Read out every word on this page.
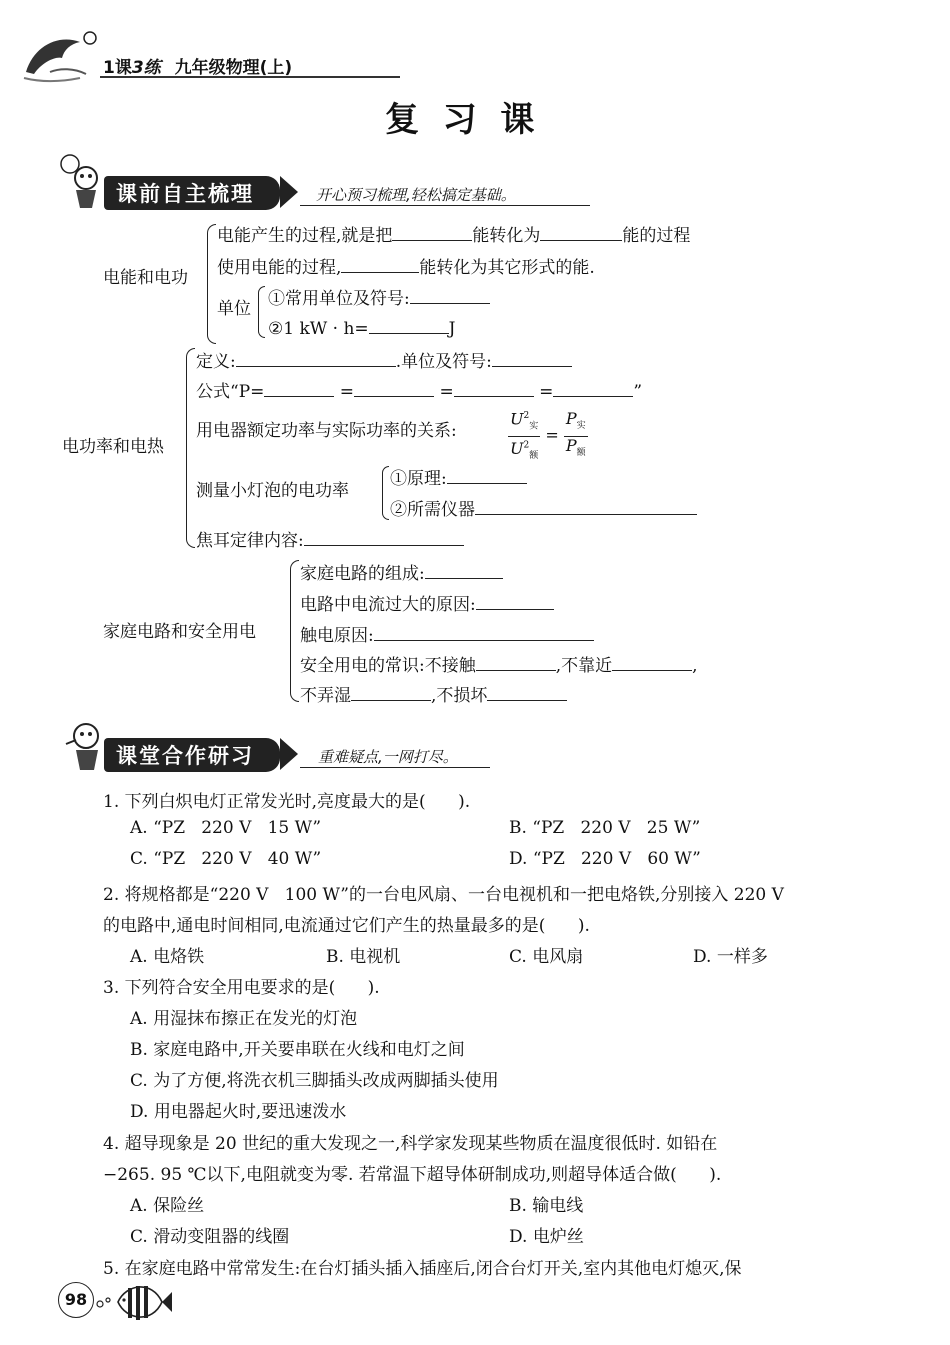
1课3练 九年级物理(上)
复  习  课
课前自主梳理	开心预习梳理,轻松搞定基础。
电能和电功
电能产生的过程,就是把	能转化为	能的过程
使用电能的过程,	能转化为其它形式的能.
单位 ①常用单位及符号:
②1 kW · h=	J
电功率和电热
定义:	.单位及符号:
公式“P=	=	=	=	”
用电器额定功率与实际功率的关系:	$\frac{U^2_实}{U^2_额} = \frac{P_实}{P_额}$
测量小灯泡的电功率
①原理:
②所需仪器
焦耳定律内容:
家庭电路和安全用电
家庭电路的组成:
电路中电流过大的原因:
触电原因:
安全用电的常识:不接触	,不靠近	,
不弄湿	,不损坏
课堂合作研习	重难疑点,一网打尽。
1. 下列白炽电灯正常发光时,亮度最大的是(      ).
A. “PZ   220 V   15 W”	B. “PZ   220 V   25 W”
C. “PZ   220 V   40 W”	D. “PZ   220 V   60 W”
2. 将规格都是“220 V   100 W”的一台电风扇、一台电视机和一把电烙铁,分别接入 220 V
的电路中,通电时间相同,电流通过它们产生的热量最多的是(      ).
A. 电烙铁	B. 电视机	C. 电风扇	D. 一样多
3. 下列符合安全用电要求的是(      ).
A. 用湿抹布擦正在发光的灯泡
B. 家庭电路中,开关要串联在火线和电灯之间
C. 为了方便,将洗衣机三脚插头改成两脚插头使用
D. 用电器起火时,要迅速泼水
4. 超导现象是 20 世纪的重大发现之一,科学家发现某些物质在温度很低时. 如铅在
−265. 95 ℃以下,电阻就变为零. 若常温下超导体研制成功,则超导体适合做(      ).
A. 保险丝	B. 输电线
C. 滑动变阻器的线圈	D. 电炉丝
5. 在家庭电路中常常发生:在台灯插头插入插座后,闭合台灯开关,室内其他电灯熄灭,保
98
